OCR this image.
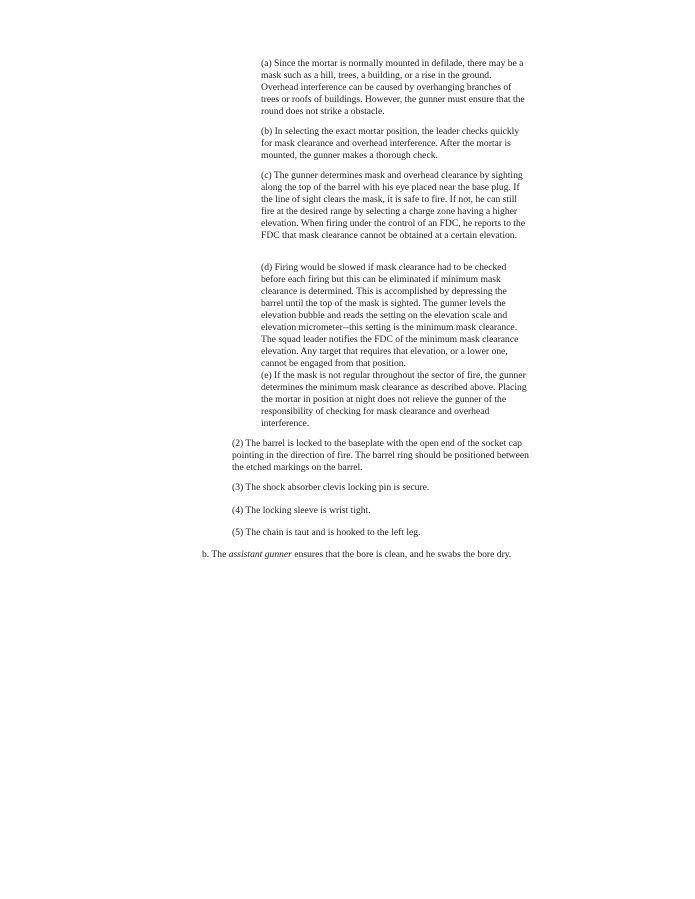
(a) Since the mortar is normally mounted in defilade, there may be a mask such as a hill, trees, a building, or a rise in the ground. Overhead interference can be caused by overhanging branches of trees or roofs of buildings. However, the gunner must ensure that the round does not strike a obstacle.

(b) In selecting the exact mortar position, the leader checks quickly for mask clearance and overhead interference. After the mortar is mounted, the gunner makes a thorough check.

(c) The gunner determines mask and overhead clearance by sighting along the top of the barrel with his eye placed near the base plug. If the line of sight clears the mask, it is safe to fire. If not, he can still fire at the desired range by selecting a charge zone having a higher elevation. When firing under the control of an FDC, he reports to the FDC that mask clearance cannot be obtained at a certain elevation.

(d) Firing would be slowed if mask clearance had to be checked before each firing but this can be eliminated if minimum mask clearance is determined. This is accomplished by depressing the barrel until the top of the mask is sighted. The gunner levels the elevation bubble and reads the setting on the elevation scale and elevation micrometer--this setting is the minimum mask clearance. The squad leader notifies the FDC of the minimum mask clearance elevation. Any target that requires that elevation, or a lower one, cannot be engaged from that position.

(e) If the mask is not regular throughout the sector of fire, the gunner determines the minimum mask clearance as described above. Placing the mortar in position at night does not relieve the gunner of the responsibility of checking for mask clearance and overhead interference.

(2) The barrel is locked to the baseplate with the open end of the socket cap pointing in the direction of fire. The barrel ring should be positioned between the etched markings on the barrel.

(3) The shock absorber clevis locking pin is secure.

(4) The locking sleeve is wrist tight.

(5) The chain is taut and is hooked to the left leg.

b. The assistant gunner ensures that the bore is clean, and he swabs the bore dry.
